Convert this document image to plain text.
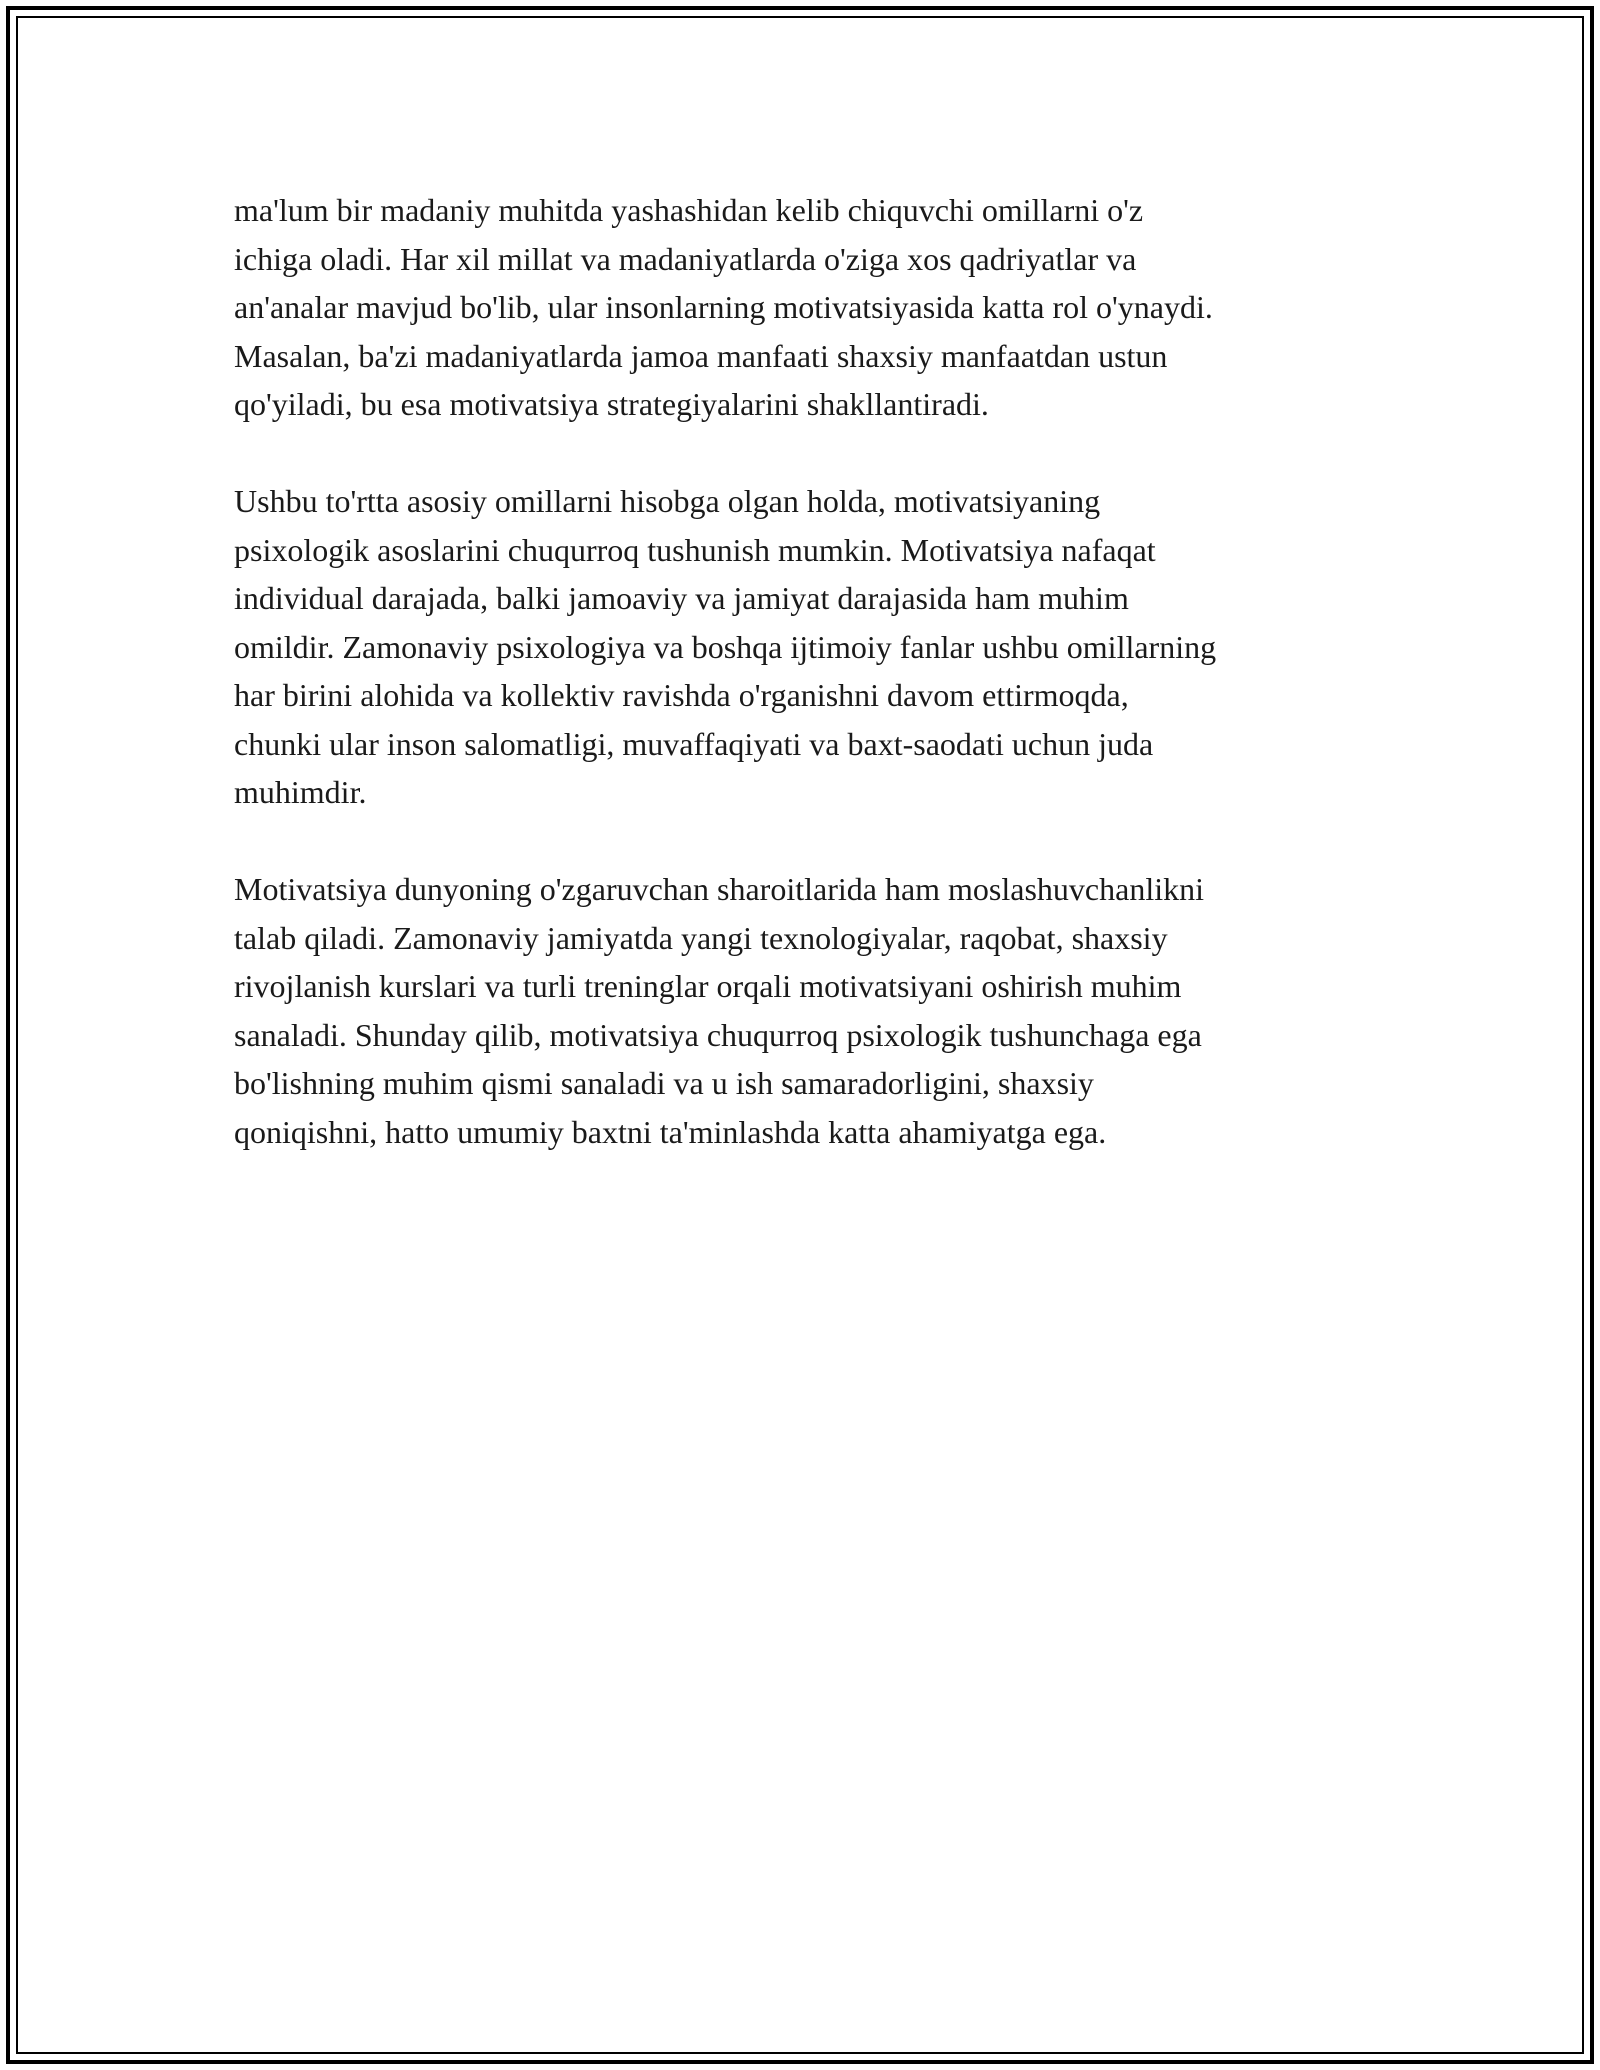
ma'lum bir madaniy muhitda yashashidan kelib chiquvchi omillarni o'z
ichiga oladi. Har xil millat va madaniyatlarda o'ziga xos qadriyatlar va
an'analar mavjud bo'lib, ular insonlarning motivatsiyasida katta rol o'ynaydi.
Masalan, ba'zi madaniyatlarda jamoa manfaati shaxsiy manfaatdan ustun
qo'yiladi, bu esa motivatsiya strategiyalarini shakllantiradi.

Ushbu to'rtta asosiy omillarni hisobga olgan holda, motivatsiyaning
psixologik asoslarini chuqurroq tushunish mumkin. Motivatsiya nafaqat
individual darajada, balki jamoaviy va jamiyat darajasida ham muhim
omildir. Zamonaviy psixologiya va boshqa ijtimoiy fanlar ushbu omillarning
har birini alohida va kollektiv ravishda o'rganishni davom ettirmoqda,
chunki ular inson salomatligi, muvaffaqiyati va baxt-saodati uchun juda
muhimdir.

Motivatsiya dunyoning o'zgaruvchan sharoitlarida ham moslashuvchanlikni
talab qiladi. Zamonaviy jamiyatda yangi texnologiyalar, raqobat, shaxsiy
rivojlanish kurslari va turli treninglar orqali motivatsiyani oshirish muhim
sanaladi. Shunday qilib, motivatsiya chuqurroq psixologik tushunchaga ega
bo'lishning muhim qismi sanaladi va u ish samaradorligini, shaxsiy
qoniqishni, hatto umumiy baxtni ta'minlashda katta ahamiyatga ega.
